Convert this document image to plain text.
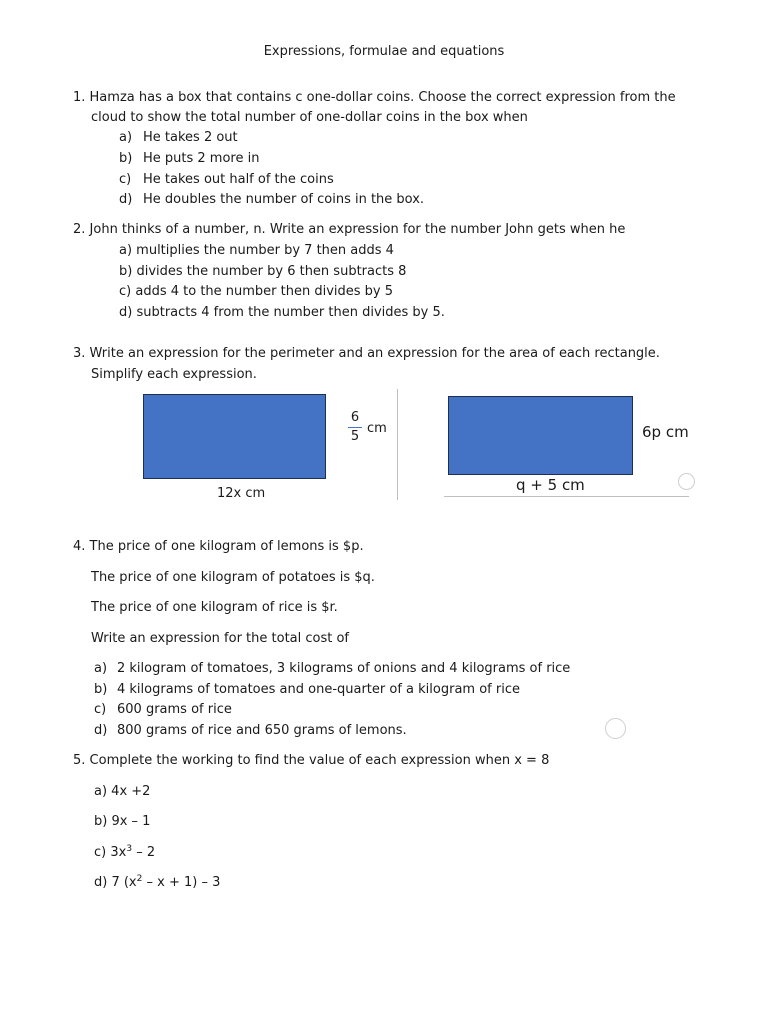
Expressions, formulae and equations
1. Hamza has a box that contains c one-dollar coins. Choose the correct expression from the
cloud to show the total number of one-dollar coins in the box when
a) He takes 2 out
b) He puts 2 more in
c) He takes out half of the coins
d) He doubles the number of coins in the box.
2. John thinks of a number, n. Write an expression for the number John gets when he
a) multiplies the number by 7 then adds 4
b) divides the number by 6 then subtracts 8
c) adds 4 to the number then divides by 5
d) subtracts 4 from the number then divides by 5.
3. Write an expression for the perimeter and an expression for the area of each rectangle.
Simplify each expression.
12x cm
6
5
cm	6p cm
q + 5 cm
4. The price of one kilogram of lemons is $p.
The price of one kilogram of potatoes is $q.
The price of one kilogram of rice is $r.
Write an expression for the total cost of
a) 2 kilogram of tomatoes, 3 kilograms of onions and 4 kilograms of rice
b) 4 kilograms of tomatoes and one-quarter of a kilogram of rice
c) 600 grams of rice
d) 800 grams of rice and 650 grams of lemons.
5. Complete the working to find the value of each expression when x = 8
a) 4x +2
b) 9x – 1
c) $3x^3 - 2$
d) 7 $(x^2 - x + 1) - 3$
